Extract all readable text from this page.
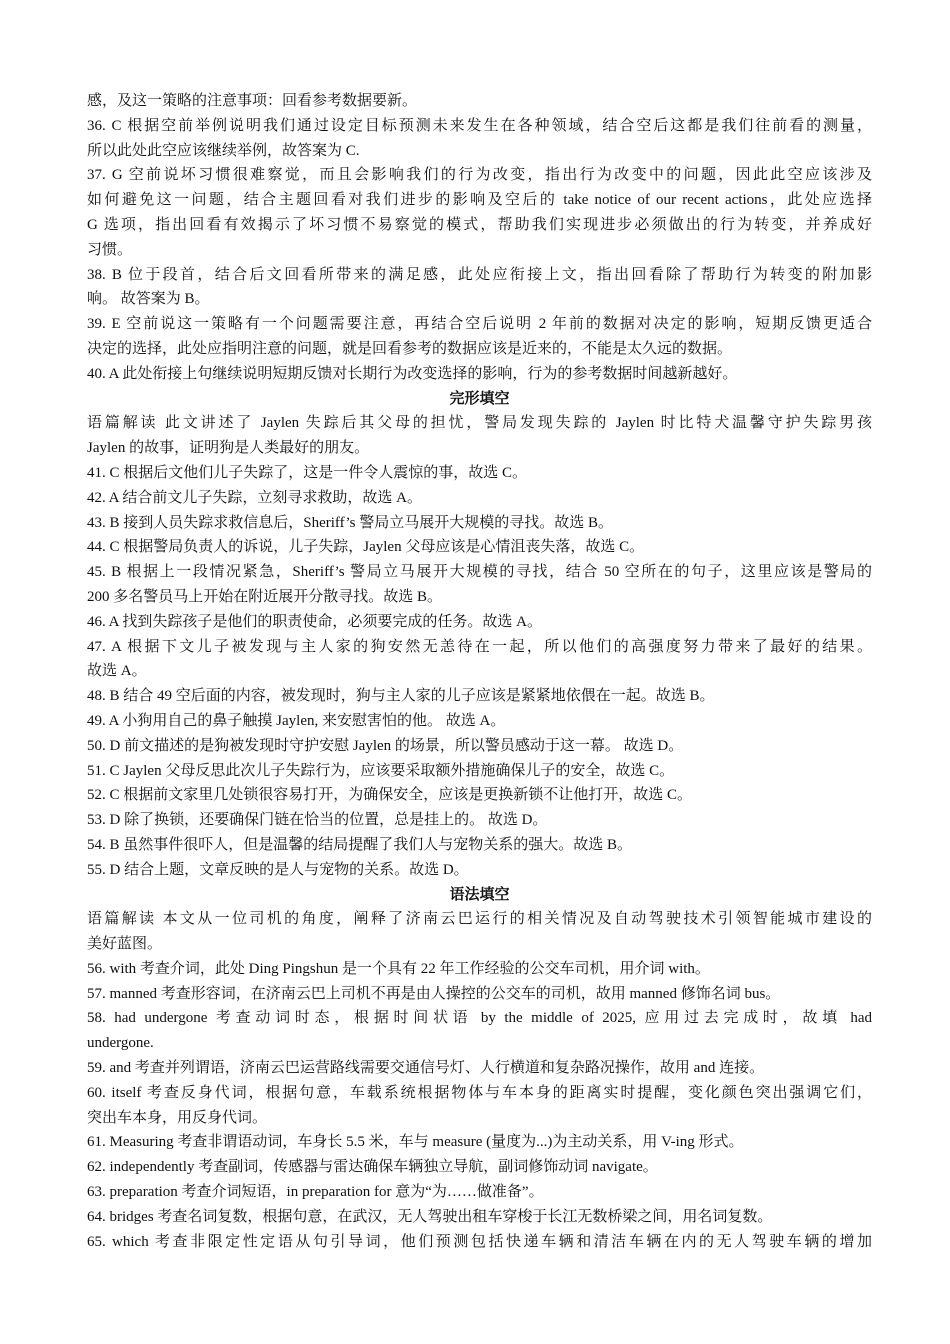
感，及这一策略的注意事项：回看参考数据要新。
36. C 根据空前举例说明我们通过设定目标预测未来发生在各种领域，结合空后这都是我们往前看的测量，
所以此处此空应该继续举例，故答案为 C.
37. G 空前说坏习惯很难察觉，而且会影响我们的行为改变，指出行为改变中的问题，因此此空应该涉及
如何避免这一问题，结合主题回看对我们进步的影响及空后的 take notice of our recent actions，此处应选择
G 选项，指出回看有效揭示了坏习惯不易察觉的模式，帮助我们实现进步必须做出的行为转变，并养成好
习惯。
38. B 位于段首，结合后文回看所带来的满足感，此处应衔接上文，指出回看除了帮助行为转变的附加影
响。 故答案为 B。
39. E 空前说这一策略有一个问题需要注意，再结合空后说明 2 年前的数据对决定的影响，短期反馈更适合
决定的选择，此处应指明注意的问题，就是回看参考的数据应该是近来的，不能是太久远的数据。
40. A 此处衔接上句继续说明短期反馈对长期行为改变选择的影响，行为的参考数据时间越新越好。
完形填空
语篇解读 此文讲述了 Jaylen 失踪后其父母的担忧，警局发现失踪的 Jaylen 时比特犬温馨守护失踪男孩
Jaylen 的故事，证明狗是人类最好的朋友。
41. C 根据后文他们儿子失踪了，这是一件令人震惊的事，故选 C。
42. A 结合前文儿子失踪，立刻寻求救助，故选 A。
43. B 接到人员失踪求救信息后，Sheriff’s 警局立马展开大规模的寻找。故选 B。
44. C 根据警局负责人的诉说，儿子失踪，Jaylen 父母应该是心情沮丧失落，故选 C。
45. B 根据上一段情况紧急，Sheriff’s 警局立马展开大规模的寻找，结合 50 空所在的句子，这里应该是警局的
200 多名警员马上开始在附近展开分散寻找。故选 B。
46. A 找到失踪孩子是他们的职责使命，必须要完成的任务。故选 A。
47. A 根据下文儿子被发现与主人家的狗安然无恙待在一起，所以他们的高强度努力带来了最好的结果。
故选 A。
48. B 结合 49 空后面的内容，被发现时，狗与主人家的儿子应该是紧紧地依偎在一起。故选 B。
49. A 小狗用自己的鼻子触摸 Jaylen, 来安慰害怕的他。 故选 A。
50. D 前文描述的是狗被发现时守护安慰 Jaylen 的场景，所以警员感动于这一幕。 故选 D。
51. C Jaylen 父母反思此次儿子失踪行为，应该要采取额外措施确保儿子的安全，故选 C。
52. C 根据前文家里几处锁很容易打开，为确保安全，应该是更换新锁不让他打开，故选 C。
53. D 除了换锁，还要确保门链在恰当的位置，总是挂上的。 故选 D。
54. B 虽然事件很吓人，但是温馨的结局提醒了我们人与宠物关系的强大。故选 B。
55. D 结合上题，文章反映的是人与宠物的关系。故选 D。
语法填空
语篇解读 本文从一位司机的角度，阐释了济南云巴运行的相关情况及自动驾驶技术引领智能城市建设的
美好蓝图。
56. with 考查介词，此处 Ding Pingshun 是一个具有 22 年工作经验的公交车司机，用介词 with。
57. manned 考查形容词，在济南云巴上司机不再是由人操控的公交车的司机，故用 manned 修饰名词 bus。
58. had undergone 考查动词时态，根据时间状语 by the middle of 2025, 应用过去完成时，故填 had
undergone.
59. and 考查并列谓语，济南云巴运营路线需要交通信号灯、人行横道和复杂路况操作，故用 and 连接。
60. itself 考查反身代词，根据句意，车载系统根据物体与车本身的距离实时提醒，变化颜色突出强调它们，
突出车本身，用反身代词。
61. Measuring 考查非谓语动词，车身长 5.5 米，车与 measure (量度为...)为主动关系，用 V-ing 形式。
62. independently 考查副词，传感器与雷达确保车辆独立导航，副词修饰动词 navigate。
63. preparation 考查介词短语，in preparation for 意为“为……做准备”。
64. bridges 考查名词复数，根据句意，在武汉，无人驾驶出租车穿梭于长江无数桥梁之间，用名词复数。
65. which 考查非限定性定语从句引导词，他们预测包括快递车辆和清洁车辆在内的无人驾驶车辆的增加
